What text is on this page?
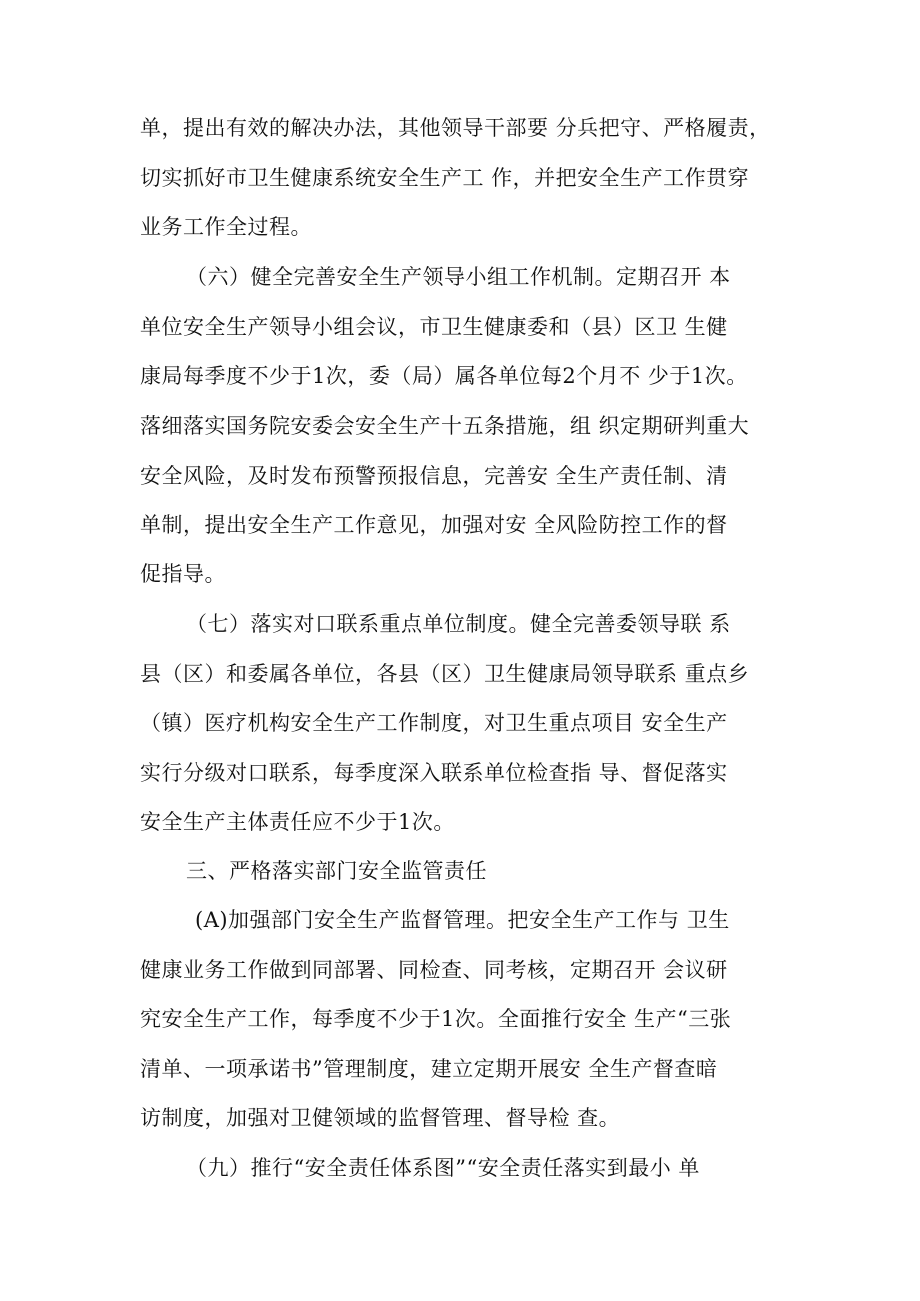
单，提出有效的解决办法，其他领导干部要 分兵把守、严格履责，
切实抓好市卫生健康系统安全生产工 作，并把安全生产工作贯穿
业务工作全过程。
（六）健全完善安全生产领导小组工作机制。定期召开 本
单位安全生产领导小组会议，市卫生健康委和（县）区卫 生健
康局每季度不少于1次，委（局）属各单位每2个月不 少于1次。
落细落实国务院安委会安全生产十五条措施，组 织定期研判重大
安全风险，及时发布预警预报信息，完善安 全生产责任制、清
单制，提出安全生产工作意见，加强对安 全风险防控工作的督
促指导。
（七）落实对口联系重点单位制度。健全完善委领导联 系
县（区）和委属各单位，各县（区）卫生健康局领导联系 重点乡
（镇）医疗机构安全生产工作制度，对卫生重点项目 安全生产
实行分级对口联系，每季度深入联系单位检查指 导、督促落实
安全生产主体责任应不少于1次。
三、严格落实部门安全监管责任
(A)加强部门安全生产监督管理。把安全生产工作与 卫生
健康业务工作做到同部署、同检查、同考核，定期召开 会议研
究安全生产工作，每季度不少于1次。全面推行安全 生产“三张
清单、一项承诺书”管理制度，建立定期开展安 全生产督查暗
访制度，加强对卫健领域的监督管理、督导检 查。
（九）推行“安全责任体系图”“安全责任落实到最小 单
